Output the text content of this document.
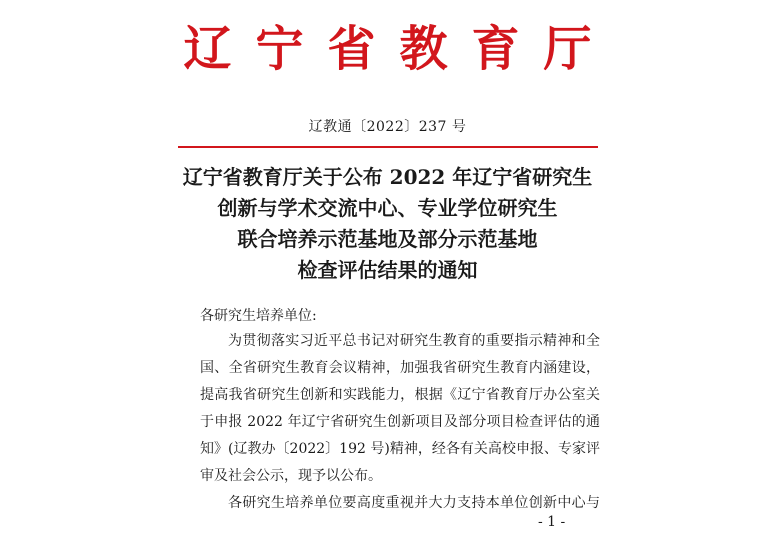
辽宁省教育厅
辽教通〔2022〕237 号
辽宁省教育厅关于公布 2022 年辽宁省研究生
创新与学术交流中心、专业学位研究生
联合培养示范基地及部分示范基地
检查评估结果的通知
各研究生培养单位:
为贯彻落实习近平总书记对研究生教育的重要指示精神和全
国、全省研究生教育会议精神，加强我省研究生教育内涵建设，
提高我省研究生创新和实践能力，根据《辽宁省教育厅办公室关
于申报 2022 年辽宁省研究生创新项目及部分项目检查评估的通
知》(辽教办〔2022〕192 号)精神，经各有关高校申报、专家评
审及社会公示，现予以公布。
各研究生培养单位要高度重视并大力支持本单位创新中心与
- 1 -
